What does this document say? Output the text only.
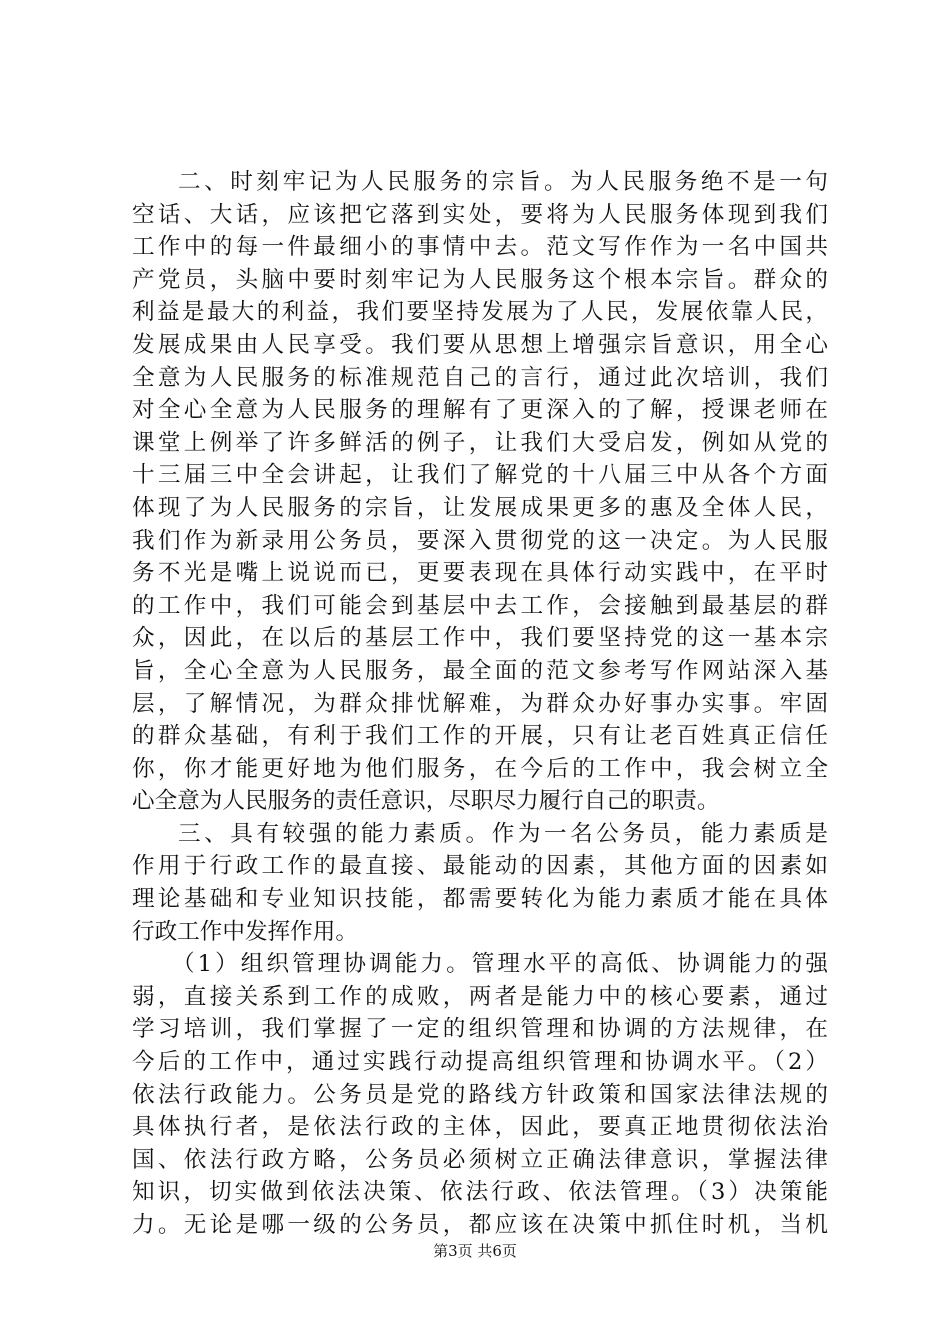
二、时刻牢记为人民服务的宗旨。为人民服务绝不是一句
空话、大话，应该把它落到实处，要将为人民服务体现到我们
工作中的每一件最细小的事情中去。范文写作作为一名中国共
产党员，头脑中要时刻牢记为人民服务这个根本宗旨。群众的
利益是最大的利益，我们要坚持发展为了人民，发展依靠人民，
发展成果由人民享受。我们要从思想上增强宗旨意识，用全心
全意为人民服务的标准规范自己的言行，通过此次培训，我们
对全心全意为人民服务的理解有了更深入的了解，授课老师在
课堂上例举了许多鲜活的例子，让我们大受启发，例如从党的
十三届三中全会讲起，让我们了解党的十八届三中从各个方面
体现了为人民服务的宗旨，让发展成果更多的惠及全体人民，
我们作为新录用公务员，要深入贯彻党的这一决定。为人民服
务不光是嘴上说说而已，更要表现在具体行动实践中，在平时
的工作中，我们可能会到基层中去工作，会接触到最基层的群
众，因此，在以后的基层工作中，我们要坚持党的这一基本宗
旨，全心全意为人民服务，最全面的范文参考写作网站深入基
层，了解情况，为群众排忧解难，为群众办好事办实事。牢固
的群众基础，有利于我们工作的开展，只有让老百姓真正信任
你，你才能更好地为他们服务，在今后的工作中，我会树立全
心全意为人民服务的责任意识，尽职尽力履行自己的职责。
三、具有较强的能力素质。作为一名公务员，能力素质是
作用于行政工作的最直接、最能动的因素，其他方面的因素如
理论基础和专业知识技能，都需要转化为能力素质才能在具体
行政工作中发挥作用。
（1）组织管理协调能力。管理水平的高低、协调能力的强
弱，直接关系到工作的成败，两者是能力中的核心要素，通过
学习培训，我们掌握了一定的组织管理和协调的方法规律，在
今后的工作中，通过实践行动提高组织管理和协调水平。（2）
依法行政能力。公务员是党的路线方针政策和国家法律法规的
具体执行者，是依法行政的主体，因此，要真正地贯彻依法治
国、依法行政方略，公务员必须树立正确法律意识，掌握法律
知识，切实做到依法决策、依法行政、依法管理。（3）决策能
力。无论是哪一级的公务员，都应该在决策中抓住时机，当机
第3页 共6页
